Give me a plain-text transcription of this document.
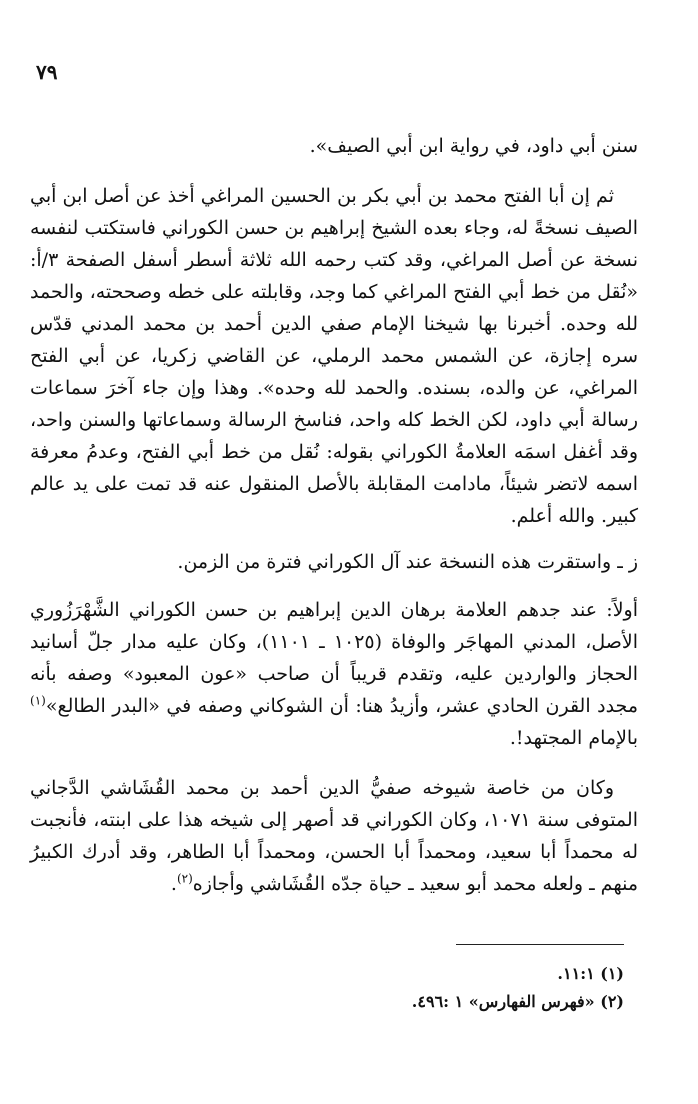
٧٩

سنن أبي داود، في رواية ابن أبي الصيف».

ثم إن أبا الفتح محمد بن أبي بكر بن الحسين المراغي أخذ عن أصل ابن أبي الصيف نسخةً له، وجاء بعده الشيخ إبراهيم بن حسن الكوراني فاستكتب لنفسه نسخة عن أصل المراغي، وقد كتب رحمه الله ثلاثة أسطر أسفل الصفحة ٣/أ: «نُقل من خط أبي الفتح المراغي كما وجد، وقابلته على خطه وصححته، والحمد لله وحده. أخبرنا بها شيخنا الإمام صفي الدين أحمد بن محمد المدني قدّس سره إجازة، عن الشمس محمد الرملي، عن القاضي زكريا، عن أبي الفتح المراغي، عن والده، بسنده. والحمد لله وحده». وهذا وإن جاء آخرَ سماعات رسالة أبي داود، لكن الخط كله واحد، فناسخ الرسالة وسماعاتها والسنن واحد، وقد أغفل اسمَه العلامةُ الكوراني بقوله: نُقل من خط أبي الفتح، وعدمُ معرفة اسمه لاتضر شيئاً، مادامت المقابلة بالأصل المنقول عنه قد تمت على يد عالم كبير. والله أعلم.

ز ـ واستقرت هذه النسخة عند آل الكوراني فترة من الزمن.

أولاً: عند جدهم العلامة برهان الدين إبراهيم بن حسن الكوراني الشَّهْرَزُوري الأصل، المدني المهاجَر والوفاة (١٠٢٥ ـ ١١٠١)، وكان عليه مدار جلّ أسانيد الحجاز والواردين عليه، وتقدم قريباً أن صاحب «عون المعبود» وصفه بأنه مجدد القرن الحادي عشر، وأزيدُ هنا: أن الشوكاني وصفه في «البدر الطالع»$^{(١)}$ بالإمام المجتهد!.

وكان من خاصة شيوخه صفيُّ الدين أحمد بن محمد القُشَاشي الدَّجاني المتوفى سنة ١٠٧١، وكان الكوراني قد أصهر إلى شيخه هذا على ابنته، فأنجبت له محمداً أبا سعيد، ومحمداً أبا الحسن، ومحمداً أبا الطاهر، وقد أدرك الكبيرُ منهم ـ ولعله محمد أبو سعيد ـ حياة جدّه القُشَاشي وأجازه$^{(٢)}$.

(١) ١١:١.
(٢) «فهرس الفهارس» ١ :٤٩٦.
